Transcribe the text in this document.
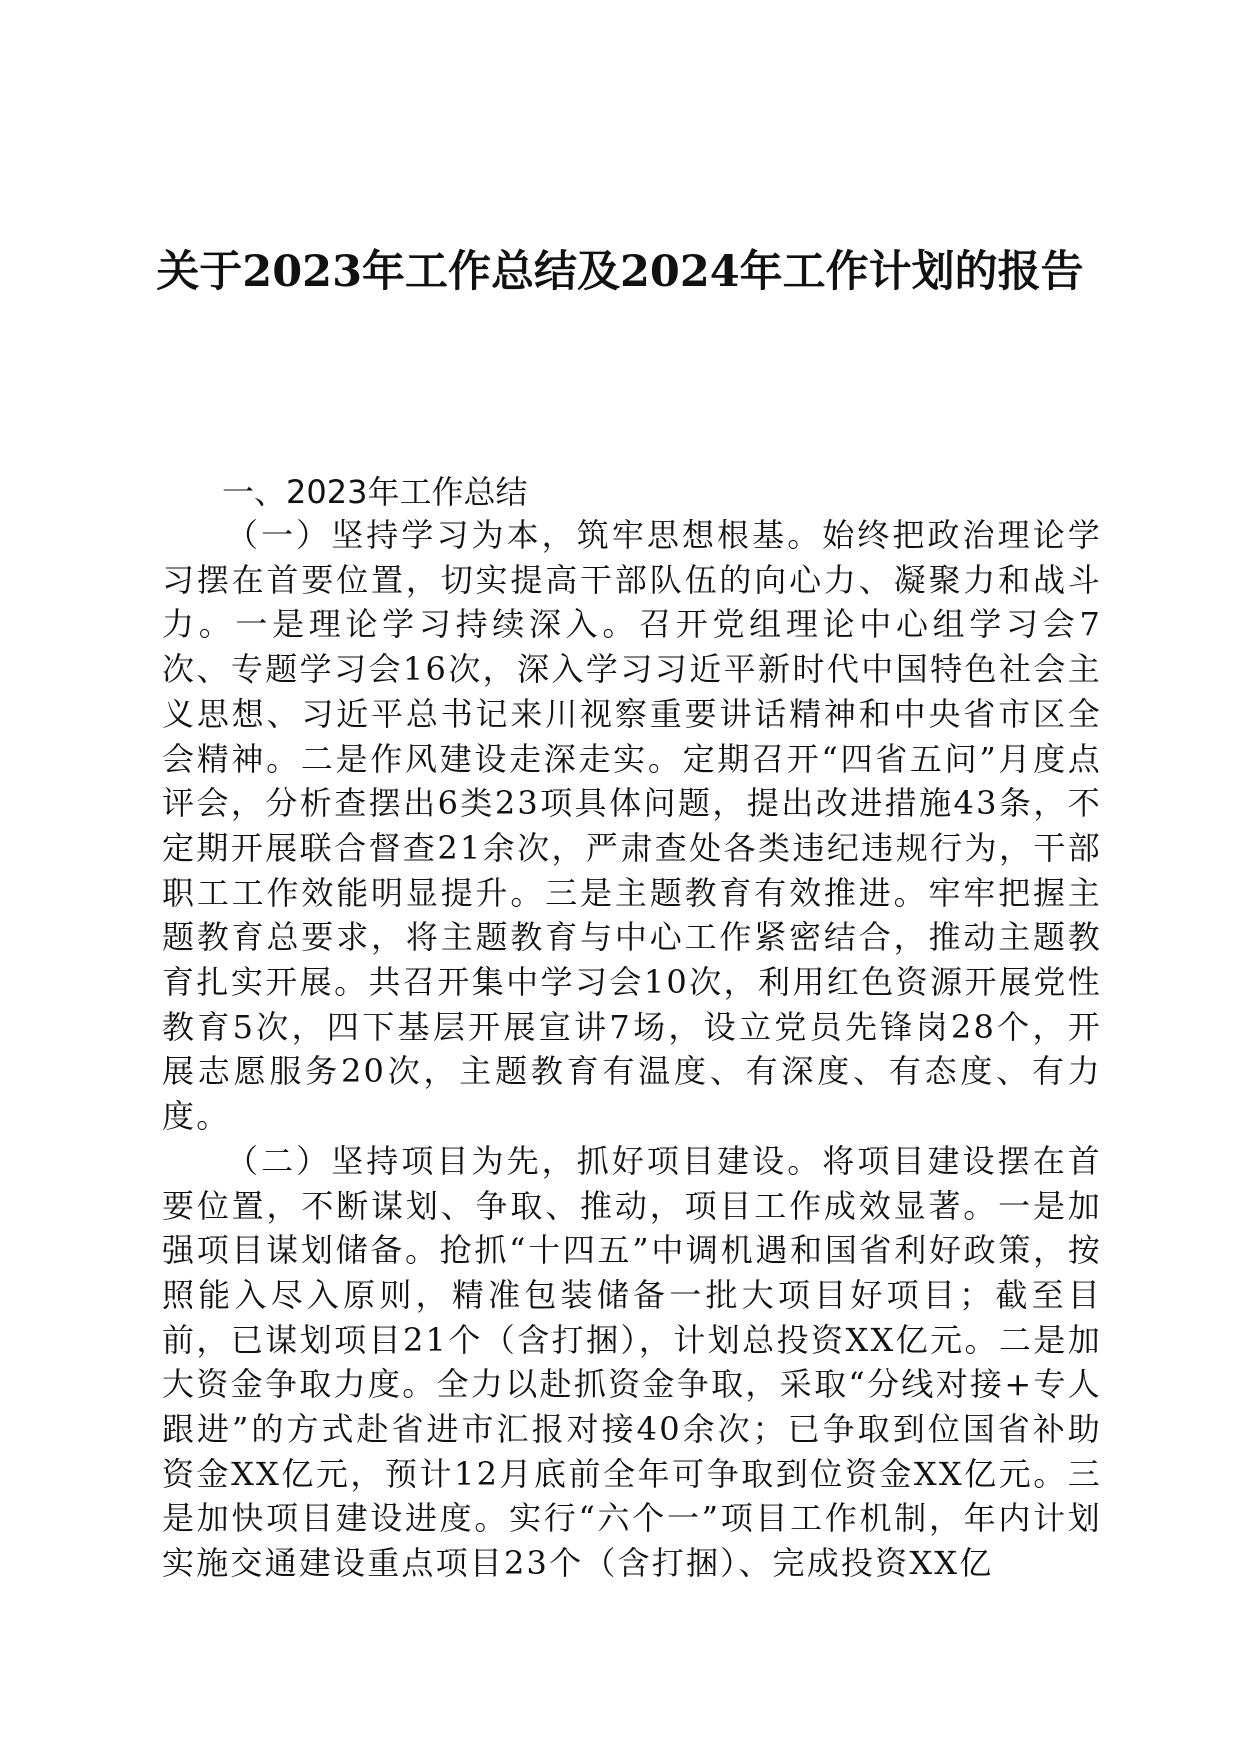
关于2023年工作总结及2024年工作计划的报告
一、2023年工作总结

（一）坚持学习为本，筑牢思想根基。始终把政治理论学习摆在首要位置，切实提高干部队伍的向心力、凝聚力和战斗力。一是理论学习持续深入。召开党组理论中心组学习会7次、专题学习会16次，深入学习习近平新时代中国特色社会主义思想、习近平总书记来川视察重要讲话精神和中央省市区全会精神。二是作风建设走深走实。定期召开“四省五问”月度点评会，分析查摆出6类23项具体问题，提出改进措施43条，不定期开展联合督查21余次，严肃查处各类违纪违规行为，干部职工工作效能明显提升。三是主题教育有效推进。牢牢把握主题教育总要求，将主题教育与中心工作紧密结合，推动主题教育扎实开展。共召开集中学习会10次，利用红色资源开展党性教育5次，四下基层开展宣讲7场，设立党员先锋岗28个，开展志愿服务20次，主题教育有温度、有深度、有态度、有力度。

（二）坚持项目为先，抓好项目建设。将项目建设摆在首要位置，不断谋划、争取、推动，项目工作成效显著。一是加强项目谋划储备。抢抓“十四五”中调机遇和国省利好政策，按照能入尽入原则，精准包装储备一批大项目好项目；截至目前，已谋划项目21个（含打捆），计划总投资XX亿元。二是加大资金争取力度。全力以赴抓资金争取，采取“分线对接+专人跟进”的方式赴省进市汇报对接40余次；已争取到位国省补助资金XX亿元，预计12月底前全年可争取到位资金XX亿元。三是加快项目建设进度。实行“六个一”项目工作机制，年内计划实施交通建设重点项目23个（含打捆）、完成投资XX亿
